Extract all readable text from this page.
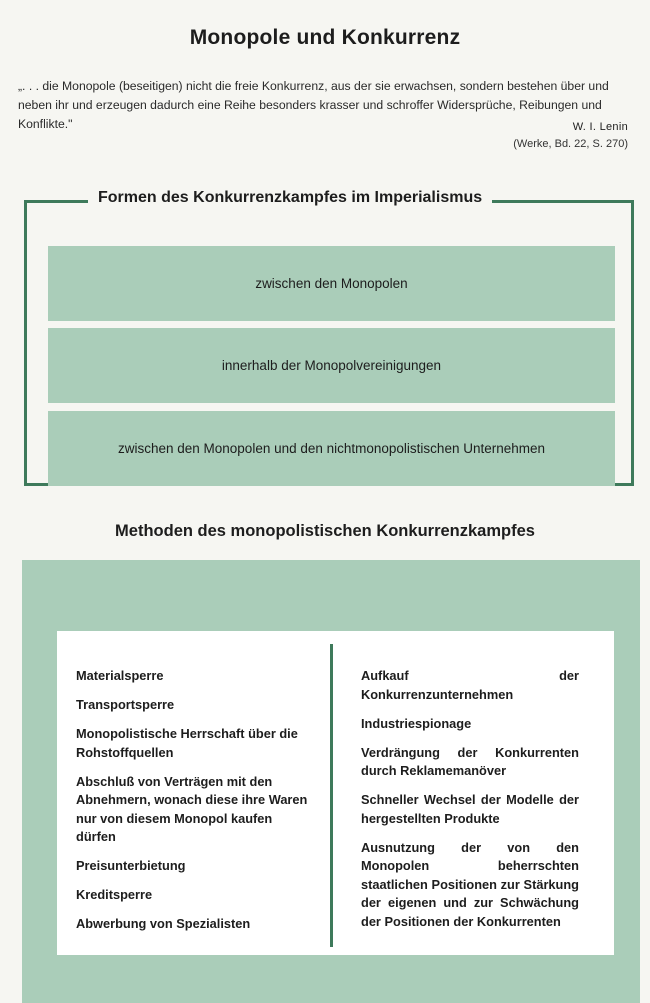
Monopole und Konkurrenz
„. . . die Monopole (beseitigen) nicht die freie Konkurrenz, aus der sie erwachsen, sondern bestehen über und neben ihr und erzeugen dadurch eine Reihe besonders krasser und schroffer Widersprüche, Reibungen und Konflikte."	W. I. Lenin
(Werke, Bd. 22, S. 270)
Formen des Konkurrenzkampfes im Imperialismus
zwischen den Monopolen
innerhalb der Monopolvereinigungen
zwischen den Monopolen und den nichtmonopolistischen Unternehmen
Methoden des monopolistischen Konkurrenzkampfes

Materialsperre

Transportsperre

Monopolistische Herrschaft über die Rohstoffquellen

Abschluß von Verträgen mit den Abnehmern, wonach diese ihre Waren nur von diesem Monopol kaufen dürfen

Preisunterbietung

Kreditsperre

Abwerbung von Spezialisten

Aufkauf der Konkurrenzunternehmen

Industriespionage

Verdrängung der Konkurrenten durch Reklamemanöver

Schneller Wechsel der Modelle der hergestellten Produkte

Ausnutzung der von den Monopolen beherrschten staatlichen Positionen zur Stärkung der eigenen und zur Schwächung der Positionen der Konkurrenten
